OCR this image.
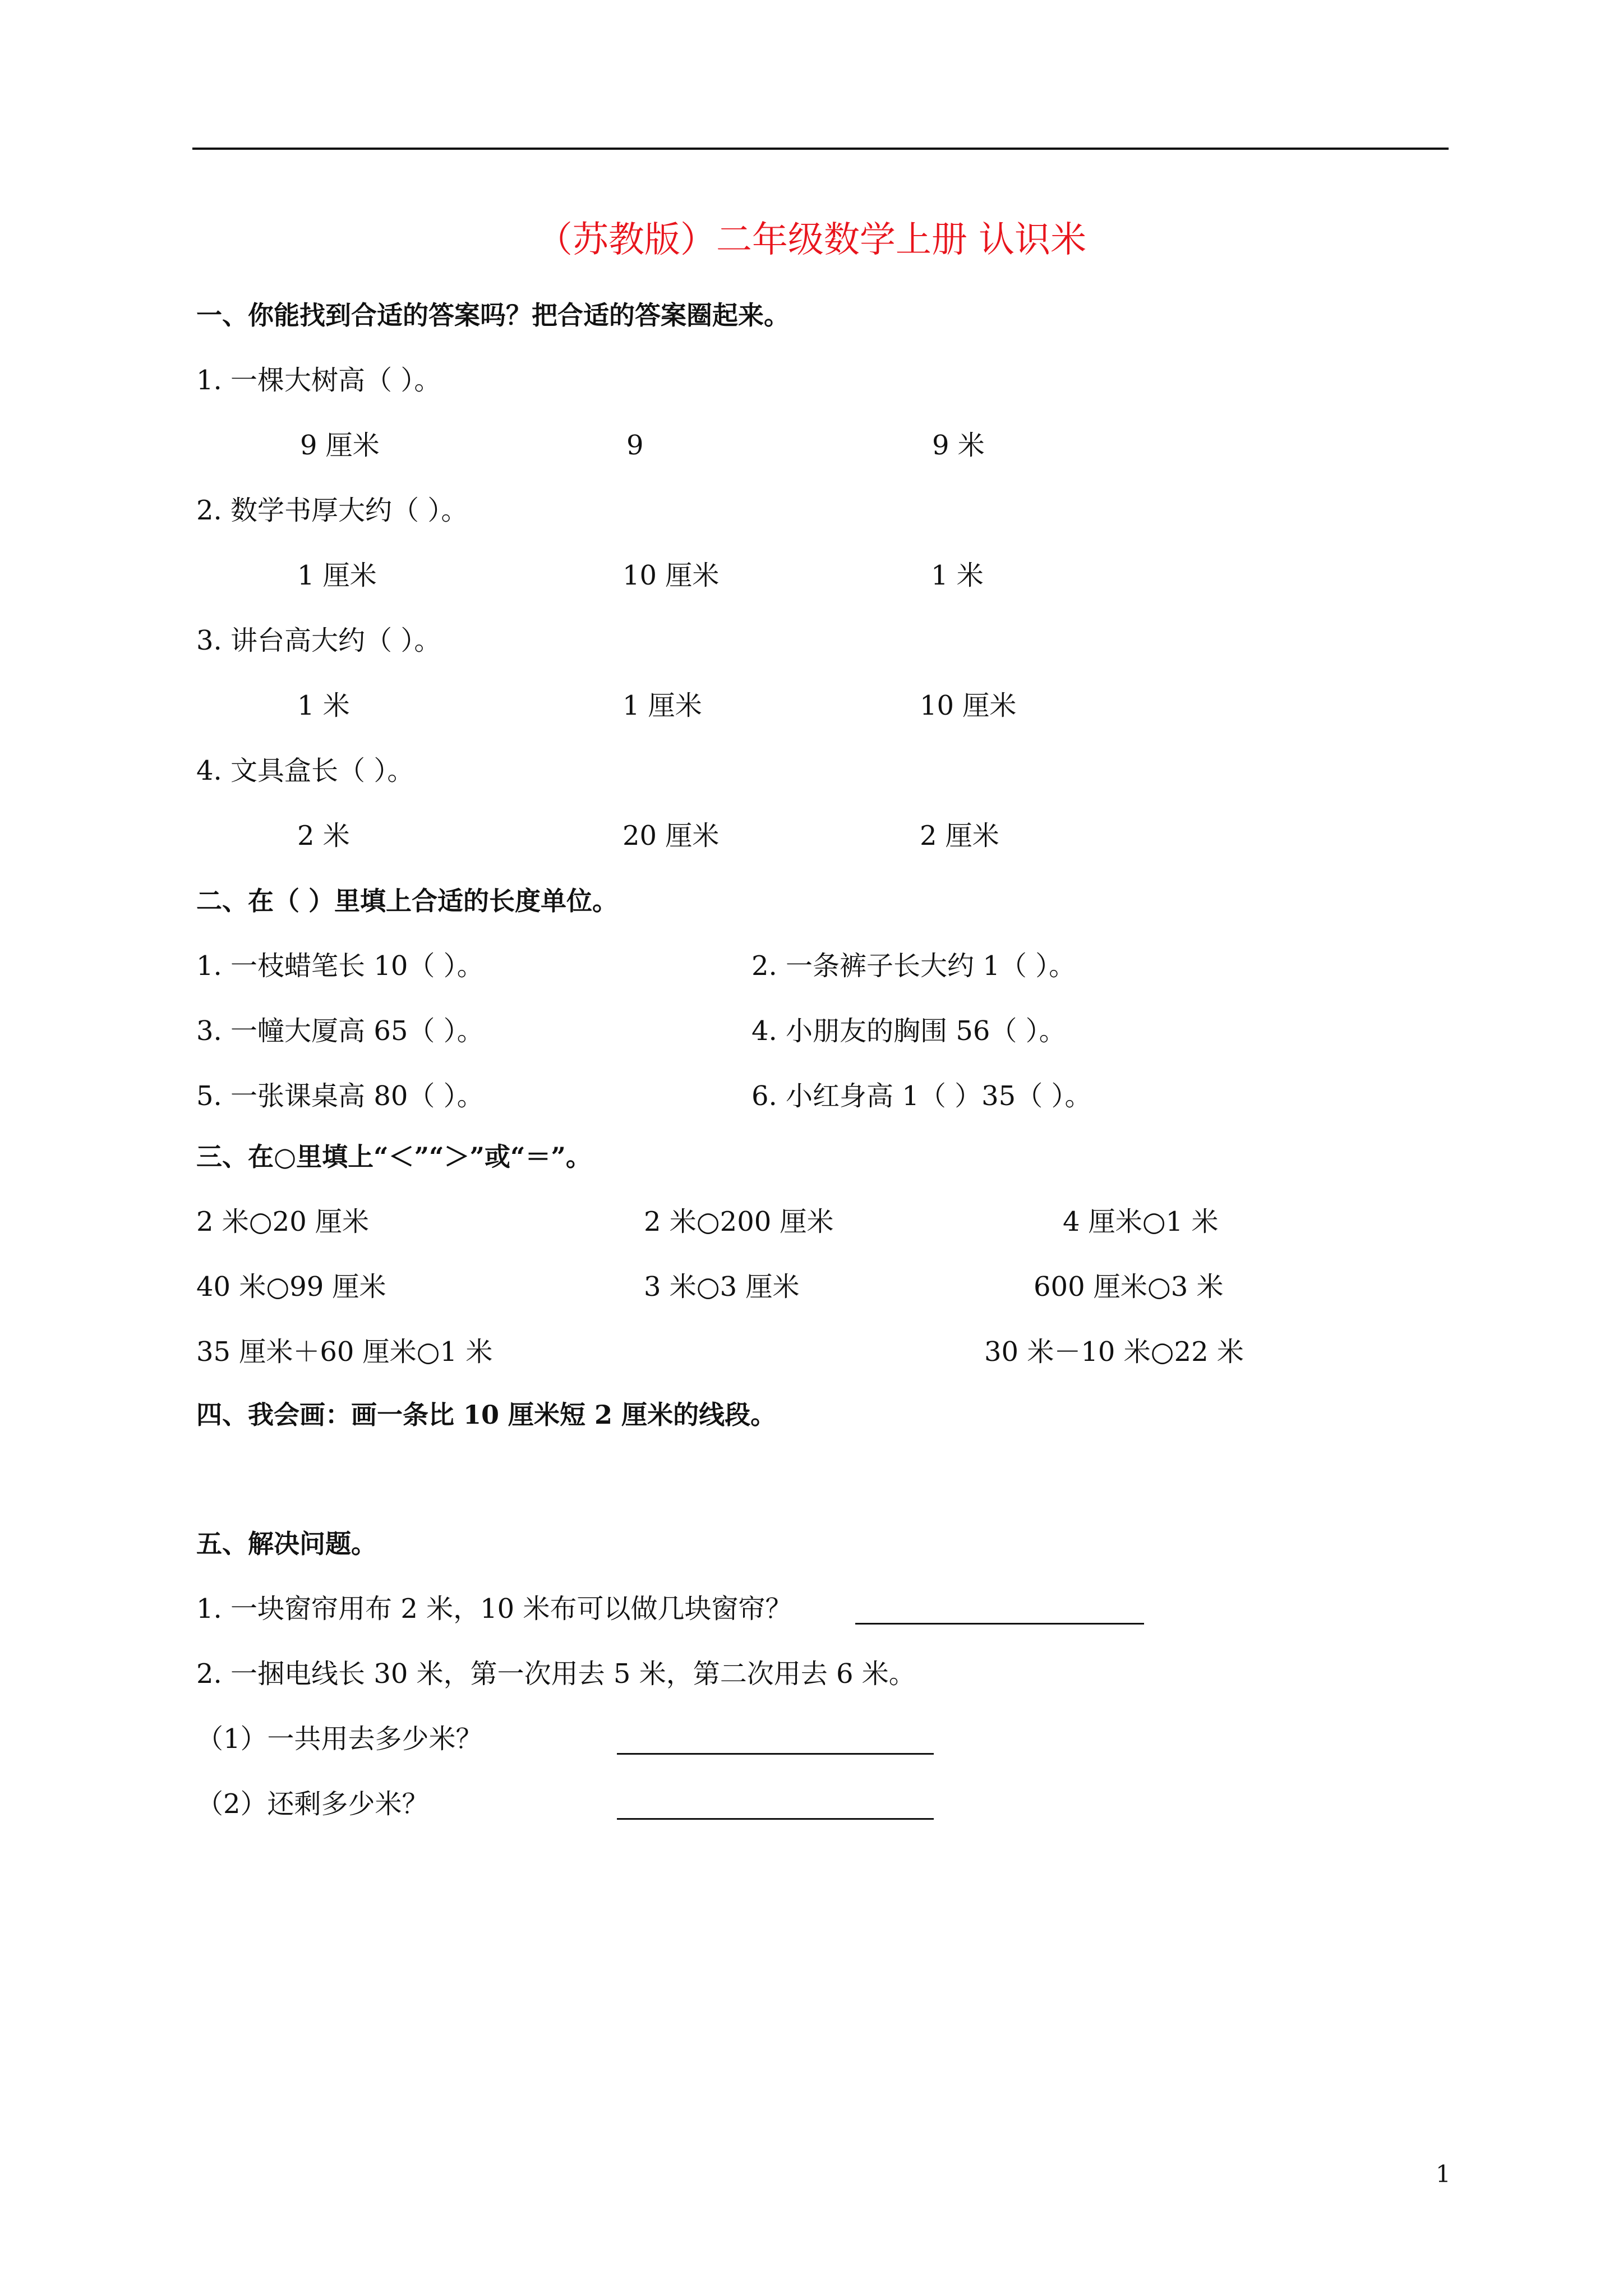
（苏教版）二年级数学上册 认识米
一、你能找到合适的答案吗？把合适的答案圈起来。
1. 一棵大树高（ ）。
9 厘米	9	9 米
2. 数学书厚大约（ ）。
1 厘米	10 厘米	1 米
3. 讲台高大约（ ）。
1 米	1 厘米	10 厘米
4. 文具盒长（ ）。
2 米	20 厘米	2 厘米
二、在（ ）里填上合适的长度单位。
1. 一枝蜡笔长 10（ ）。	2. 一条裤子长大约 1（ ）。
3. 一幢大厦高 65（ ）。	4. 小朋友的胸围 56（ ）。
5. 一张课桌高 80（ ）。	6. 小红身高 1（ ）35（ ）。
三、在○里填上“＜”“＞”或“＝”。
2 米○20 厘米	2 米○200 厘米	4 厘米○1 米
40 米○99 厘米	3 米○3 厘米	600 厘米○3 米
35 厘米＋60 厘米○1 米	30 米－10 米○22 米
四、我会画：画一条比 10 厘米短 2 厘米的线段。
五、解决问题。
1. 一块窗帘用布 2 米，10 米布可以做几块窗帘？
2. 一捆电线长 30 米，第一次用去 5 米，第二次用去 6 米。
（1）一共用去多少米？
（2）还剩多少米？
1
